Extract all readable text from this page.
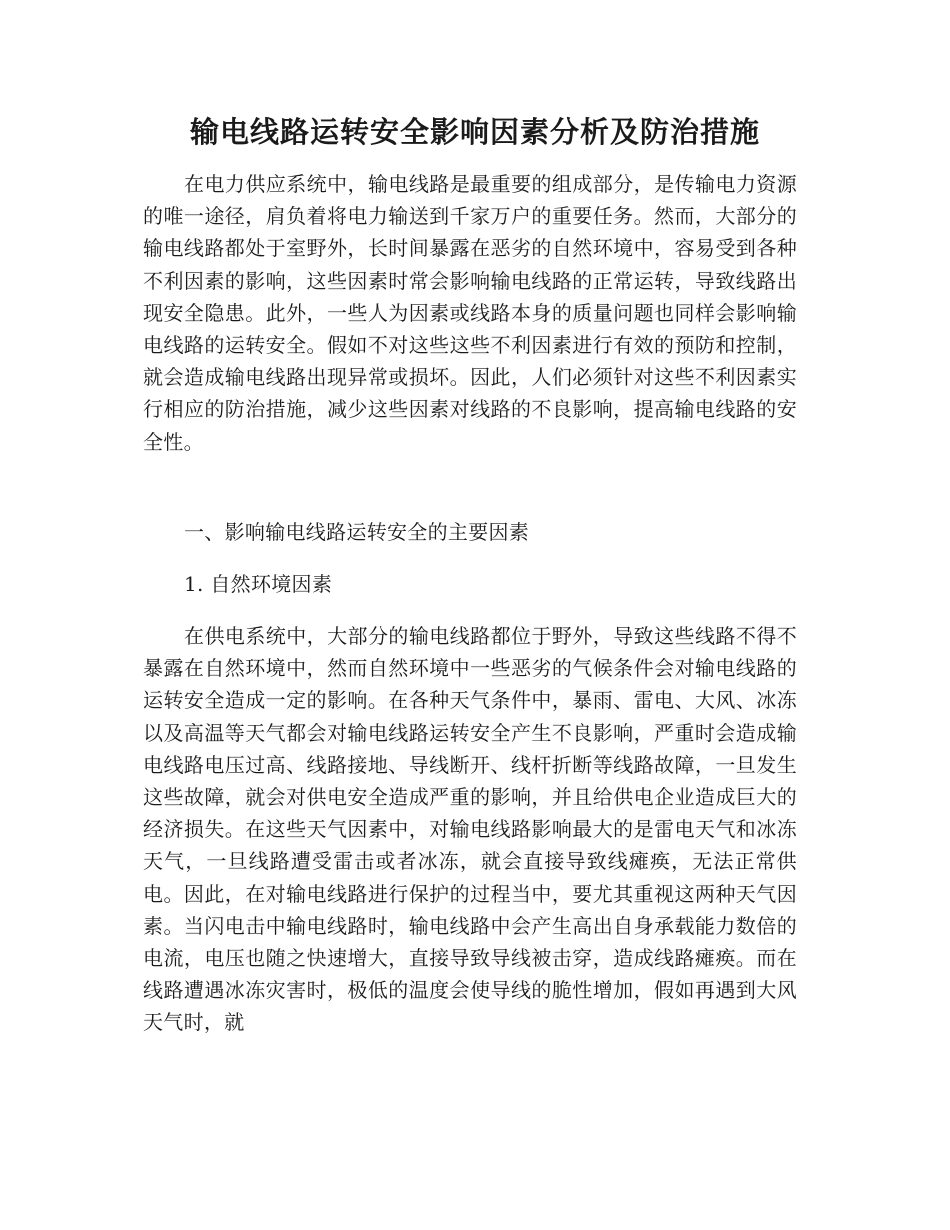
输电线路运转安全影响因素分析及防治措施

在电力供应系统中，输电线路是最重要的组成部分，是传输电力资源的唯一途径，肩负着将电力输送到千家万户的重要任务。然而，大部分的输电线路都处于室野外，长时间暴露在恶劣的自然环境中，容易受到各种不利因素的影响，这些因素时常会影响输电线路的正常运转，导致线路出现安全隐患。此外，一些人为因素或线路本身的质量问题也同样会影响输电线路的运转安全。假如不对这些这些不利因素进行有效的预防和控制，就会造成输电线路出现异常或损坏。因此，人们必须针对这些不利因素实行相应的防治措施，减少这些因素对线路的不良影响，提高输电线路的安全性。

一、影响输电线路运转安全的主要因素

1. 自然环境因素

在供电系统中，大部分的输电线路都位于野外，导致这些线路不得不暴露在自然环境中，然而自然环境中一些恶劣的气候条件会对输电线路的运转安全造成一定的影响。在各种天气条件中，暴雨、雷电、大风、冰冻以及高温等天气都会对输电线路运转安全产生不良影响，严重时会造成输电线路电压过高、线路接地、导线断开、线杆折断等线路故障，一旦发生这些故障，就会对供电安全造成严重的影响，并且给供电企业造成巨大的经济损失。在这些天气因素中，对输电线路影响最大的是雷电天气和冰冻天气，一旦线路遭受雷击或者冰冻，就会直接导致线瘫痪，无法正常供电。因此，在对输电线路进行保护的过程当中，要尤其重视这两种天气因素。当闪电击中输电线路时，输电线路中会产生高出自身承载能力数倍的电流，电压也随之快速增大，直接导致导线被击穿，造成线路瘫痪。而在线路遭遇冰冻灾害时，极低的温度会使导线的脆性增加，假如再遇到大风天气时，就
